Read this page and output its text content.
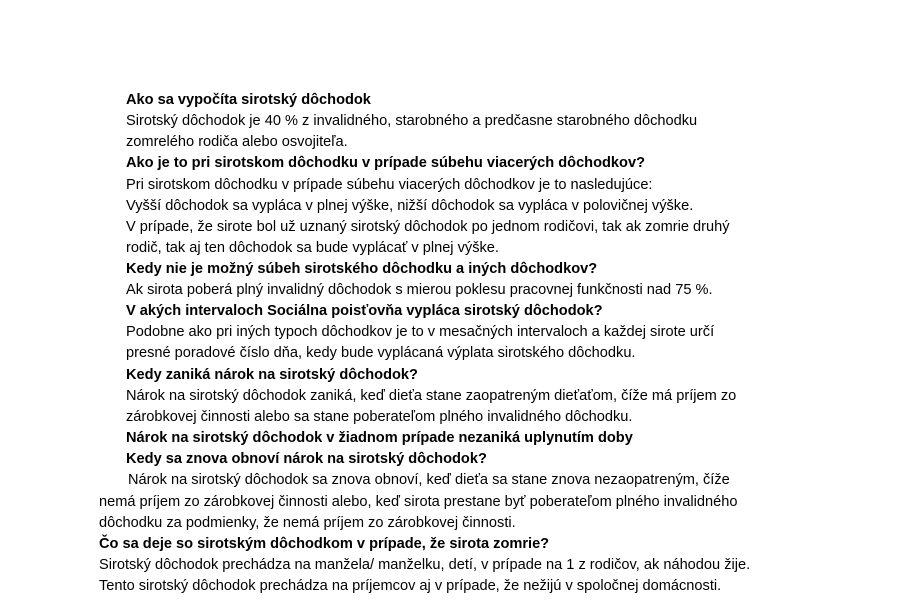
Ako sa vypočíta sirotský dôchodok
Sirotský dôchodok je 40 % z invalidného, starobného a predčasne starobného dôchodku
zomrelého rodiča alebo osvojiteľa.
Ako je to pri sirotskom dôchodku v prípade súbehu viacerých dôchodkov?
Pri sirotskom dôchodku v prípade súbehu viacerých dôchodkov je to nasledujúce:
Vyšší dôchodok sa vypláca v plnej výške, nižší dôchodok sa vypláca v polovičnej výške.
V prípade, že sirote bol už uznaný sirotský dôchodok po jednom rodičovi, tak ak zomrie druhý
rodič, tak aj ten dôchodok sa bude vyplácať v plnej výške.
Kedy nie je možný súbeh sirotského dôchodku a iných dôchodkov?
Ak sirota poberá plný invalidný dôchodok s mierou poklesu pracovnej funkčnosti nad 75 %.
V akých intervaloch Sociálna poisťovňa vypláca sirotský dôchodok?
Podobne ako pri iných typoch dôchodkov je to v mesačných intervaloch a každej sirote určí
presné poradové číslo dňa, kedy bude vyplácaná výplata sirotského dôchodku.
Kedy zaniká nárok na sirotský dôchodok?
Nárok na sirotský dôchodok zaniká, keď dieťa stane zaopatreným dieťaťom, číže má príjem zo
zárobkovej činnosti alebo sa stane poberateľom plného invalidného dôchodku.
Nárok na sirotský dôchodok v žiadnom prípade nezaniká uplynutím doby
Kedy sa znova obnoví nárok na sirotský dôchodok?
Nárok na sirotský dôchodok sa znova obnoví, keď dieťa sa stane znova nezaopatreným, číže
nemá príjem zo zárobkovej činnosti alebo, keď sirota prestane byť poberateľom plného invalidného
dôchodku za podmienky, že nemá príjem zo zárobkovej činnosti.
Čo sa deje so sirotským dôchodkom v prípade, že sirota zomrie?
Sirotský dôchodok prechádza na manžela/ manželku, detí, v prípade na 1 z rodičov, ak náhodou žije.
Tento sirotský dôchodok prechádza na príjemcov aj v prípade, že nežijú v spoločnej domácnosti.
